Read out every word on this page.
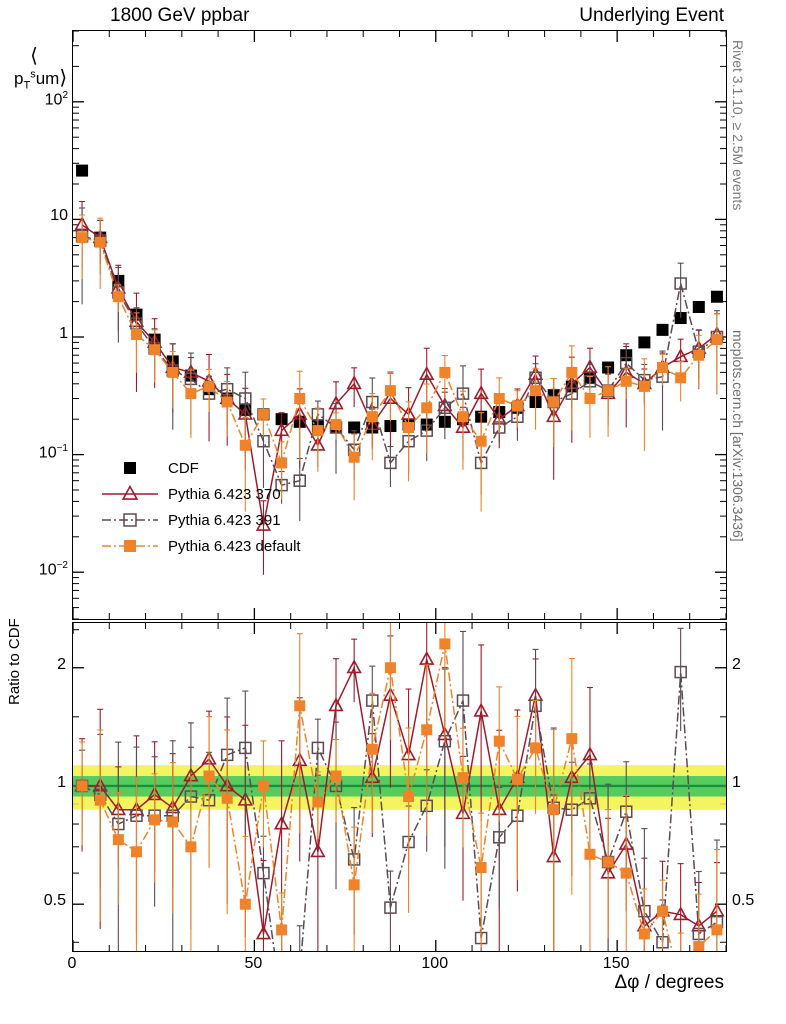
1800 GeV ppbar	Underlying Event
⟨ $p_T^sum⟩$
Ratio to CDF
Δφ / degrees
Rivet 3.1.10, ≥ 2.5M events
mcplots.cern.ch [arXiv:1306.3436]
$10^2$
10
1
$10^{-1}$
$10^{-2}$
0.5	0.5
1	1
2	2
0	50	100	150
CDF
Pythia 6.423 370
Pythia 6.423 391
Pythia 6.423 default
